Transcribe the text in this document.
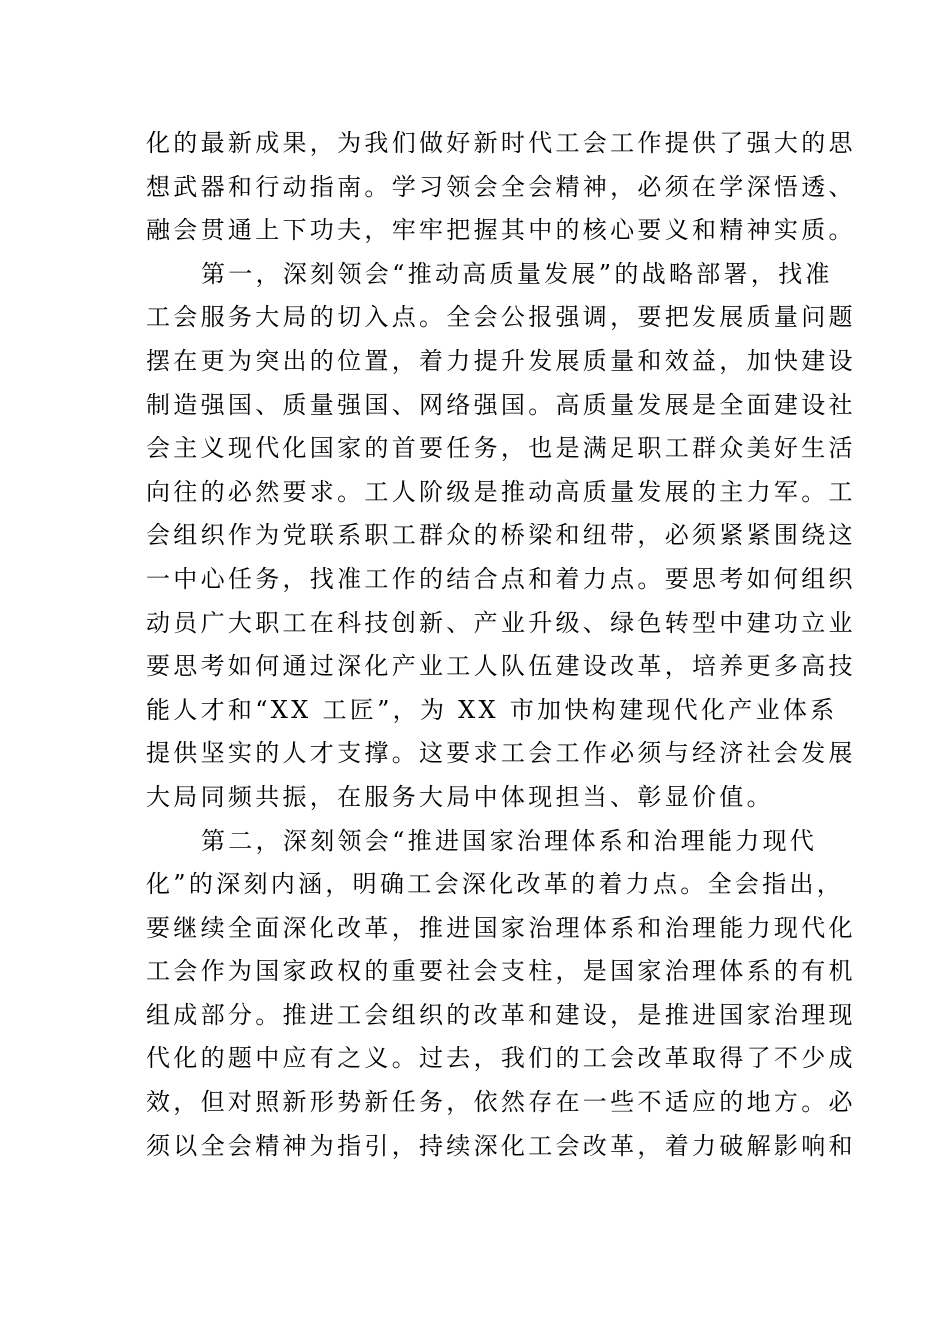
化的最新成果，为我们做好新时代工会工作提供了强大的思
想武器和行动指南。学习领会全会精神，必须在学深悟透、
融会贯通上下功夫，牢牢把握其中的核心要义和精神实质。
第一，深刻领会“推动高质量发展”的战略部署，找准
工会服务大局的切入点。全会公报强调，要把发展质量问题
摆在更为突出的位置，着力提升发展质量和效益，加快建设
制造强国、质量强国、网络强国。高质量发展是全面建设社
会主义现代化国家的首要任务，也是满足职工群众美好生活
向往的必然要求。工人阶级是推动高质量发展的主力军。工
会组织作为党联系职工群众的桥梁和纽带，必须紧紧围绕这
一中心任务，找准工作的结合点和着力点。要思考如何组织
动员广大职工在科技创新、产业升级、绿色转型中建功立业
要思考如何通过深化产业工人队伍建设改革，培养更多高技
能人才和“XX 工匠”，为 XX 市加快构建现代化产业体系
提供坚实的人才支撑。这要求工会工作必须与经济社会发展
大局同频共振，在服务大局中体现担当、彰显价值。
第二，深刻领会“推进国家治理体系和治理能力现代
化”的深刻内涵，明确工会深化改革的着力点。全会指出，
要继续全面深化改革，推进国家治理体系和治理能力现代化
工会作为国家政权的重要社会支柱，是国家治理体系的有机
组成部分。推进工会组织的改革和建设，是推进国家治理现
代化的题中应有之义。过去，我们的工会改革取得了不少成
效，但对照新形势新任务，依然存在一些不适应的地方。必
须以全会精神为指引，持续深化工会改革，着力破解影响和
